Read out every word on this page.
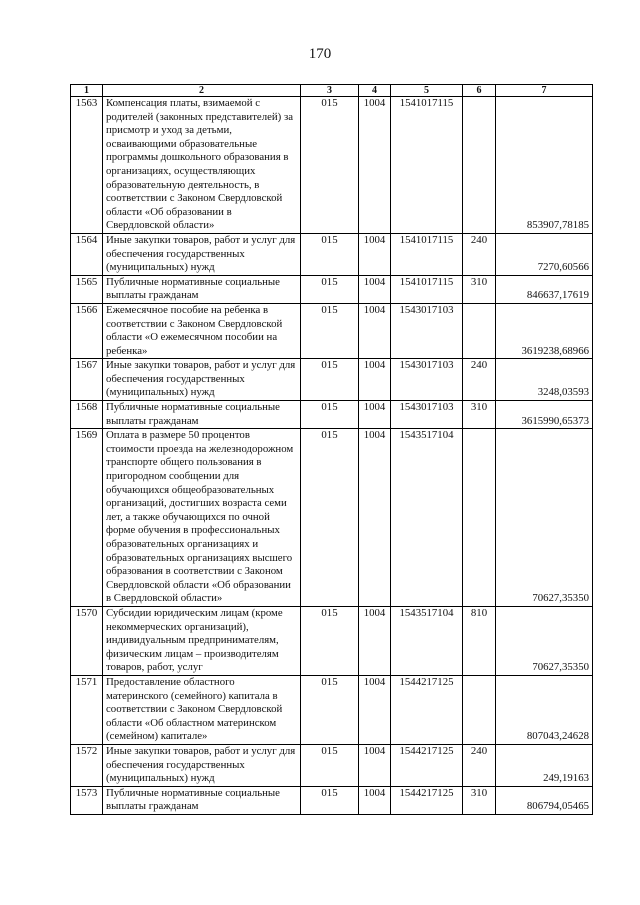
170
1	2	3	4	5	6	7
1563	Компенсация платы, взимаемой с родителей (законных представителей) за присмотр и уход за детьми, осваивающими образовательные программы дошкольного образования в организациях, осуществляющих образовательную деятельность, в соответствии с Законом Свердловской области «Об образовании в Свердловской области»	015	1004	1541017115		853907,78185
1564	Иные закупки товаров, работ и услуг для обеспечения государственных (муниципальных) нужд	015	1004	1541017115	240	7270,60566
1565	Публичные нормативные социальные выплаты гражданам	015	1004	1541017115	310	846637,17619
1566	Ежемесячное пособие на ребенка в соответствии с Законом Свердловской области «О ежемесячном пособии на ребенка»	015	1004	1543017103		3619238,68966
1567	Иные закупки товаров, работ и услуг для обеспечения государственных (муниципальных) нужд	015	1004	1543017103	240	3248,03593
1568	Публичные нормативные социальные выплаты гражданам	015	1004	1543017103	310	3615990,65373
1569	Оплата в размере 50 процентов стоимости проезда на железнодорожном транспорте общего пользования в пригородном сообщении для обучающихся общеобразовательных организаций, достигших возраста семи лет, а также обучающихся по очной форме обучения в профессиональных образовательных организациях и образовательных организациях высшего образования в соответствии с Законом Свердловской области «Об образовании в Свердловской области»	015	1004	1543517104		70627,35350
1570	Субсидии юридическим лицам (кроме некоммерческих организаций), индивидуальным предпринимателям, физическим лицам – производителям товаров, работ, услуг	015	1004	1543517104	810	70627,35350
1571	Предоставление областного материнского (семейного) капитала в соответствии с Законом Свердловской области «Об областном материнском (семейном) капитале»	015	1004	1544217125		807043,24628
1572	Иные закупки товаров, работ и услуг для обеспечения государственных (муниципальных) нужд	015	1004	1544217125	240	249,19163
1573	Публичные нормативные социальные выплаты гражданам	015	1004	1544217125	310	806794,05465
